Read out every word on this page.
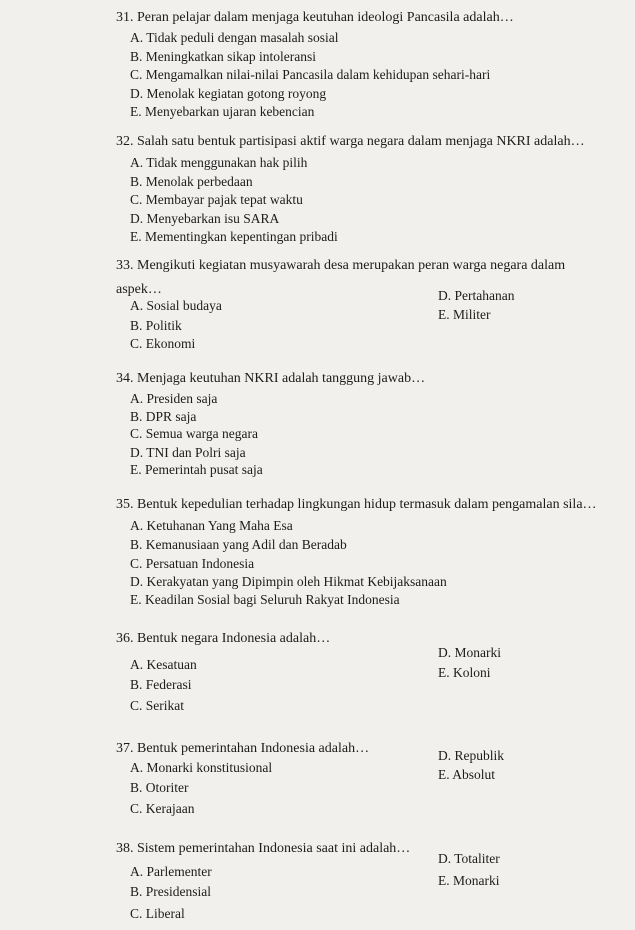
31. Peran pelajar dalam menjaga keutuhan ideologi Pancasila adalah…
A. Tidak peduli dengan masalah sosial
B. Meningkatkan sikap intoleransi
C. Mengamalkan nilai-nilai Pancasila dalam kehidupan sehari-hari
D. Menolak kegiatan gotong royong
E. Menyebarkan ujaran kebencian
32. Salah satu bentuk partisipasi aktif warga negara dalam menjaga NKRI adalah…
A. Tidak menggunakan hak pilih
B. Menolak perbedaan
C. Membayar pajak tepat waktu
D. Menyebarkan isu SARA
E. Mementingkan kepentingan pribadi
33. Mengikuti kegiatan musyawarah desa merupakan peran warga negara dalam
aspek…
A. Sosial budaya
B. Politik
C. Ekonomi
D. Pertahanan
E. Militer
34. Menjaga keutuhan NKRI adalah tanggung jawab…
A. Presiden saja
B. DPR saja
C. Semua warga negara
D. TNI dan Polri saja
E. Pemerintah pusat saja
35. Bentuk kepedulian terhadap lingkungan hidup termasuk dalam pengamalan sila…
A. Ketuhanan Yang Maha Esa
B. Kemanusiaan yang Adil dan Beradab
C. Persatuan Indonesia
D. Kerakyatan yang Dipimpin oleh Hikmat Kebijaksanaan
E. Keadilan Sosial bagi Seluruh Rakyat Indonesia
36. Bentuk negara Indonesia adalah…
A. Kesatuan
B. Federasi
C. Serikat
D. Monarki
E. Koloni
37. Bentuk pemerintahan Indonesia adalah…
A. Monarki konstitusional
B. Otoriter
C. Kerajaan
D. Republik
E. Absolut
38. Sistem pemerintahan Indonesia saat ini adalah…
A. Parlementer
B. Presidensial
C. Liberal
D. Totaliter
E. Monarki
